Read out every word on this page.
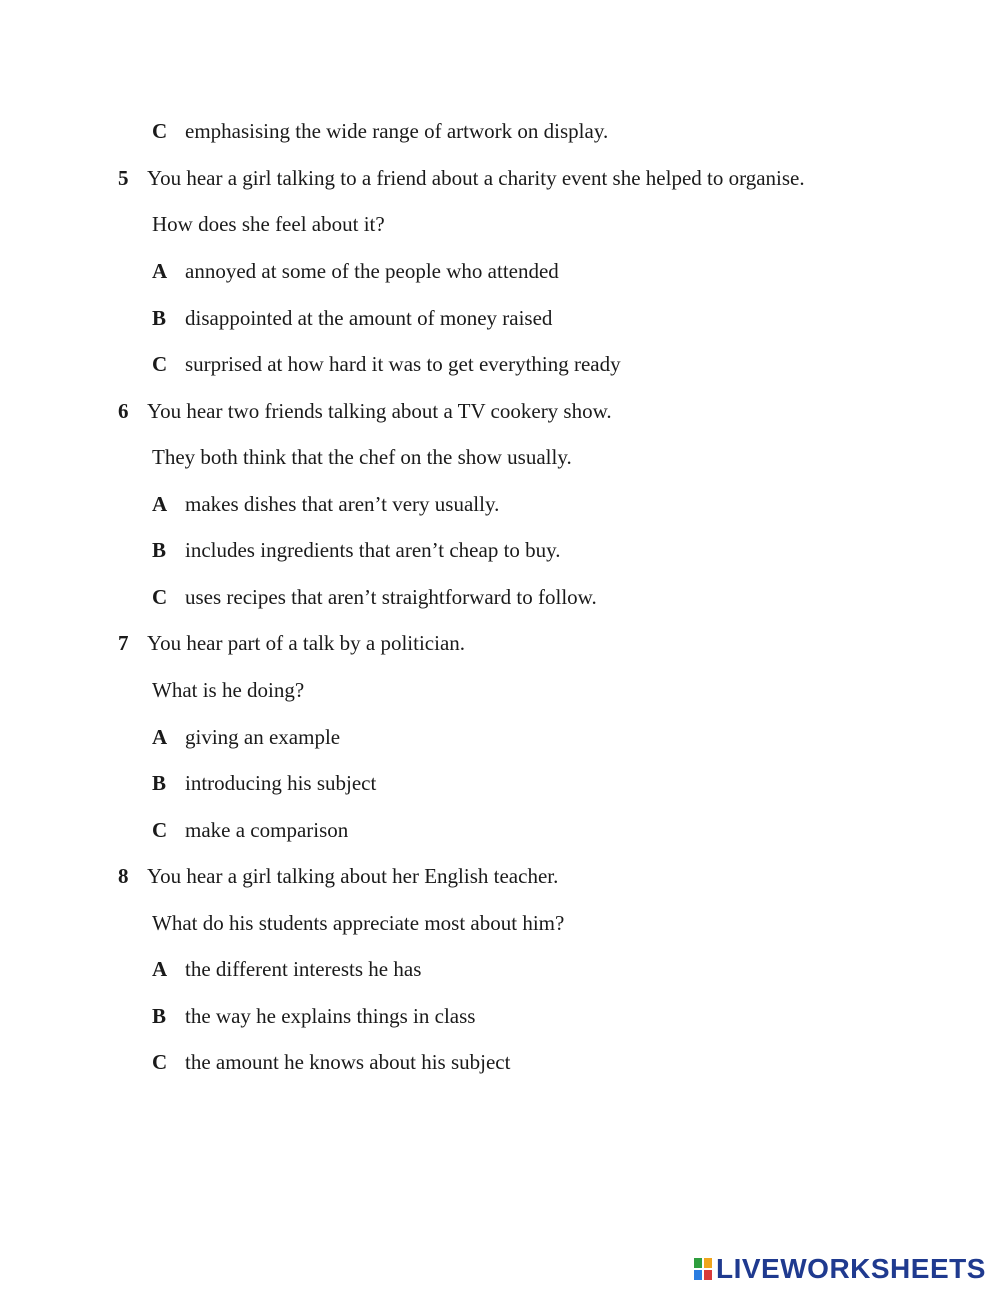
C emphasising the wide range of artwork on display.
5 You hear a girl talking to a friend about a charity event she helped to organise.
How does she feel about it?
A annoyed at some of the people who attended
B disappointed at the amount of money raised
C surprised at how hard it was to get everything ready
6 You hear two friends talking about a TV cookery show.
They both think that the chef on the show usually.
A makes dishes that aren’t very usually.
B includes ingredients that aren’t cheap to buy.
C uses recipes that aren’t straightforward to follow.
7 You hear part of a talk by a politician.
What is he doing?
A giving an example
B introducing his subject
C make a comparison
8 You hear a girl talking about her English teacher.
What do his students appreciate most about him?
A the different interests he has
B the way he explains things in class
C the amount he knows about his subject
LIVEWORKSHEETS
